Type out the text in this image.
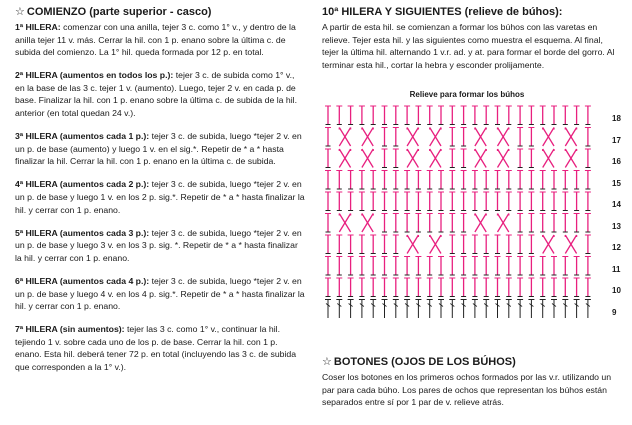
☆ COMIENZO (parte superior - casco)
1ª HILERA: comenzar con una anilla, tejer 3 c. como 1° v., y dentro de la anilla tejer 11 v. más. Cerrar la hil. con 1 p. enano sobre la última c. de subida del comienzo. La 1° hil. queda formada por 12 p. en total.
2ª HILERA (aumentos en todos los p.): tejer 3 c. de subida como 1° v., en la base de las 3 c. tejer 1 v. (aumento). Luego, tejer 2 v. en cada p. de base. Finalizar la hil. con 1 p. enano sobre la última c. de subida de la hil. anterior (en total quedan 24 v.).
3ª HILERA (aumentos cada 1 p.): tejer 3 c. de subida, luego *tejer 2 v. en un p. de base (aumento) y luego 1 v. en el sig.*. Repetir de * a * hasta finalizar la hil. Cerrar la hil. con 1 p. enano en la última c. de subida.
4ª HILERA (aumentos cada 2 p.): tejer 3 c. de subida, luego *tejer 2 v. en un p. de base y luego 1 v. en los 2 p. sig.*. Repetir de * a * hasta finalizar la hil. y cerrar con 1 p. enano.
5ª HILERA (aumentos cada 3 p.): tejer 3 c. de subida, luego *tejer 2 v. en un p. de base y luego 3 v. en los 3 p. sig. *. Repetir de * a * hasta finalizar la hil. y cerrar con 1 p. enano.
6ª HILERA (aumentos cada 4 p.): tejer 3 c. de subida, luego *tejer 2 v. en un p. de base y luego 4 v. en los 4 p. sig.*. Repetir de * a * hasta finalizar la hil. y cerrar con 1 p. enano.
7ª HILERA (sin aumentos): tejer las 3 c. como 1° v., continuar la hil. tejiendo 1 v. sobre cada uno de los p. de base. Cerrar la hil. con 1 p. enano. Esta hil. deberá tener 72 p. en total (incluyendo las 3 c. de subida que corresponden a la 1° v.).
10ª HILERA Y SIGUIENTES (relieve de búhos):
A partir de esta hil. se comienzan a formar los búhos con las varetas en relieve. Tejer esta hil. y las siguientes como muestra el esquema. Al final, tejer la última hil. alternando 1 v.r. ad. y at. para formar el borde del gorro. Al terminar esta hil., cortar la hebra y esconder prolijamente.
Relieve para formar los búhos
18
17
16
15
14
13
12
11
10
9
☆ BOTONES (OJOS DE LOS BÚHOS)
Coser los botones en los primeros ochos formados por las v.r. utilizando un par para cada búho. Los pares de ochos que representan los búhos están separados entre sí por 1 par de v. relieve atrás.
